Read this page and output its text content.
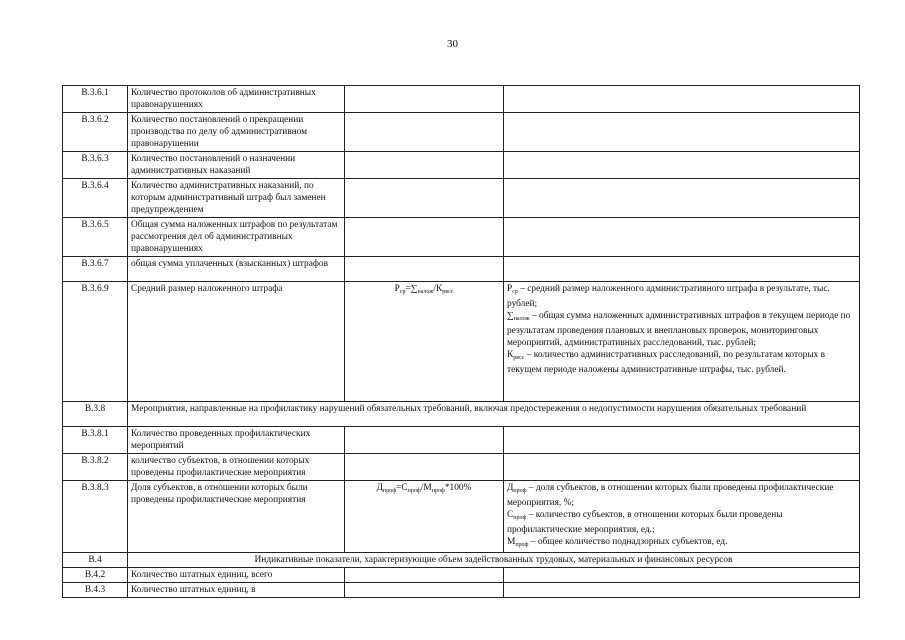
30
В.3.6.1	Количество протоколов об административных правонарушениях		
В.3.6.2	Количество постановлений о прекращении производства по делу об административном правонарушении		
В.3.6.3	Количество постановлений о назначении административных наказаний		
В.3.6.4	Количество административных наказаний, по которым административный штраф был заменен предупреждением		
В.3.6.5	Общая сумма наложенных штрафов по результатам рассмотрения дел об административных правонарушениях		
В.3.6.7	общая сумма уплаченных (взысканных) штрафов		
В.3.6.9	Средний размер наложенного штрафа	$Р_{ср}=\sum_{налож}/К_{рвсс}$	$Р_{ср}$ – средний размер наложенного административного штрафа в результате, тыс. рублей;
$\sum_{налож}$ – общая сумма наложенных административных штрафов в текущем периоде по результатам проведения плановых и внеплановых проверок, мониторинговых мероприятий, административных расследований, тыс. рублей;
$К_{рвсс}$ – количество административных расследований, по результатам которых в текущем периоде наложены административные штрафы, тыс. рублей.

В.3.8	Мероприятия, направленные на профилактику нарушений обязательных требований, включая предостережения о недопустимости нарушения обязательных требований		
В.3.8.1	Количество проведенных профилактических мероприятий		
В.3.8.2	количество субъектов, в отношении которых проведены профилактические мероприятия		
В.3.8.3	Доля субъектов, в отношении которых были проведены профилактические мероприятия	$Д_{проф}=С_{проф}/М_{проф}*100\%$	$Д_{проф}$ – доля субъектов, в отношении которых были проведены профилактические мероприятия, %;
$С_{проф}$ – количество субъектов, в отношении которых были проведены профилактические мероприятия, ед.;
$М_{проф}$ – общее количество поднадзорных субъектов, ед.

В.4	Индикативные показатели, характеризующие объем задействованных трудовых, материальных и финансовых ресурсов		
В.4.2	Количество штатных единиц, всего		
В.4.3	Количество штатных единиц, в		
